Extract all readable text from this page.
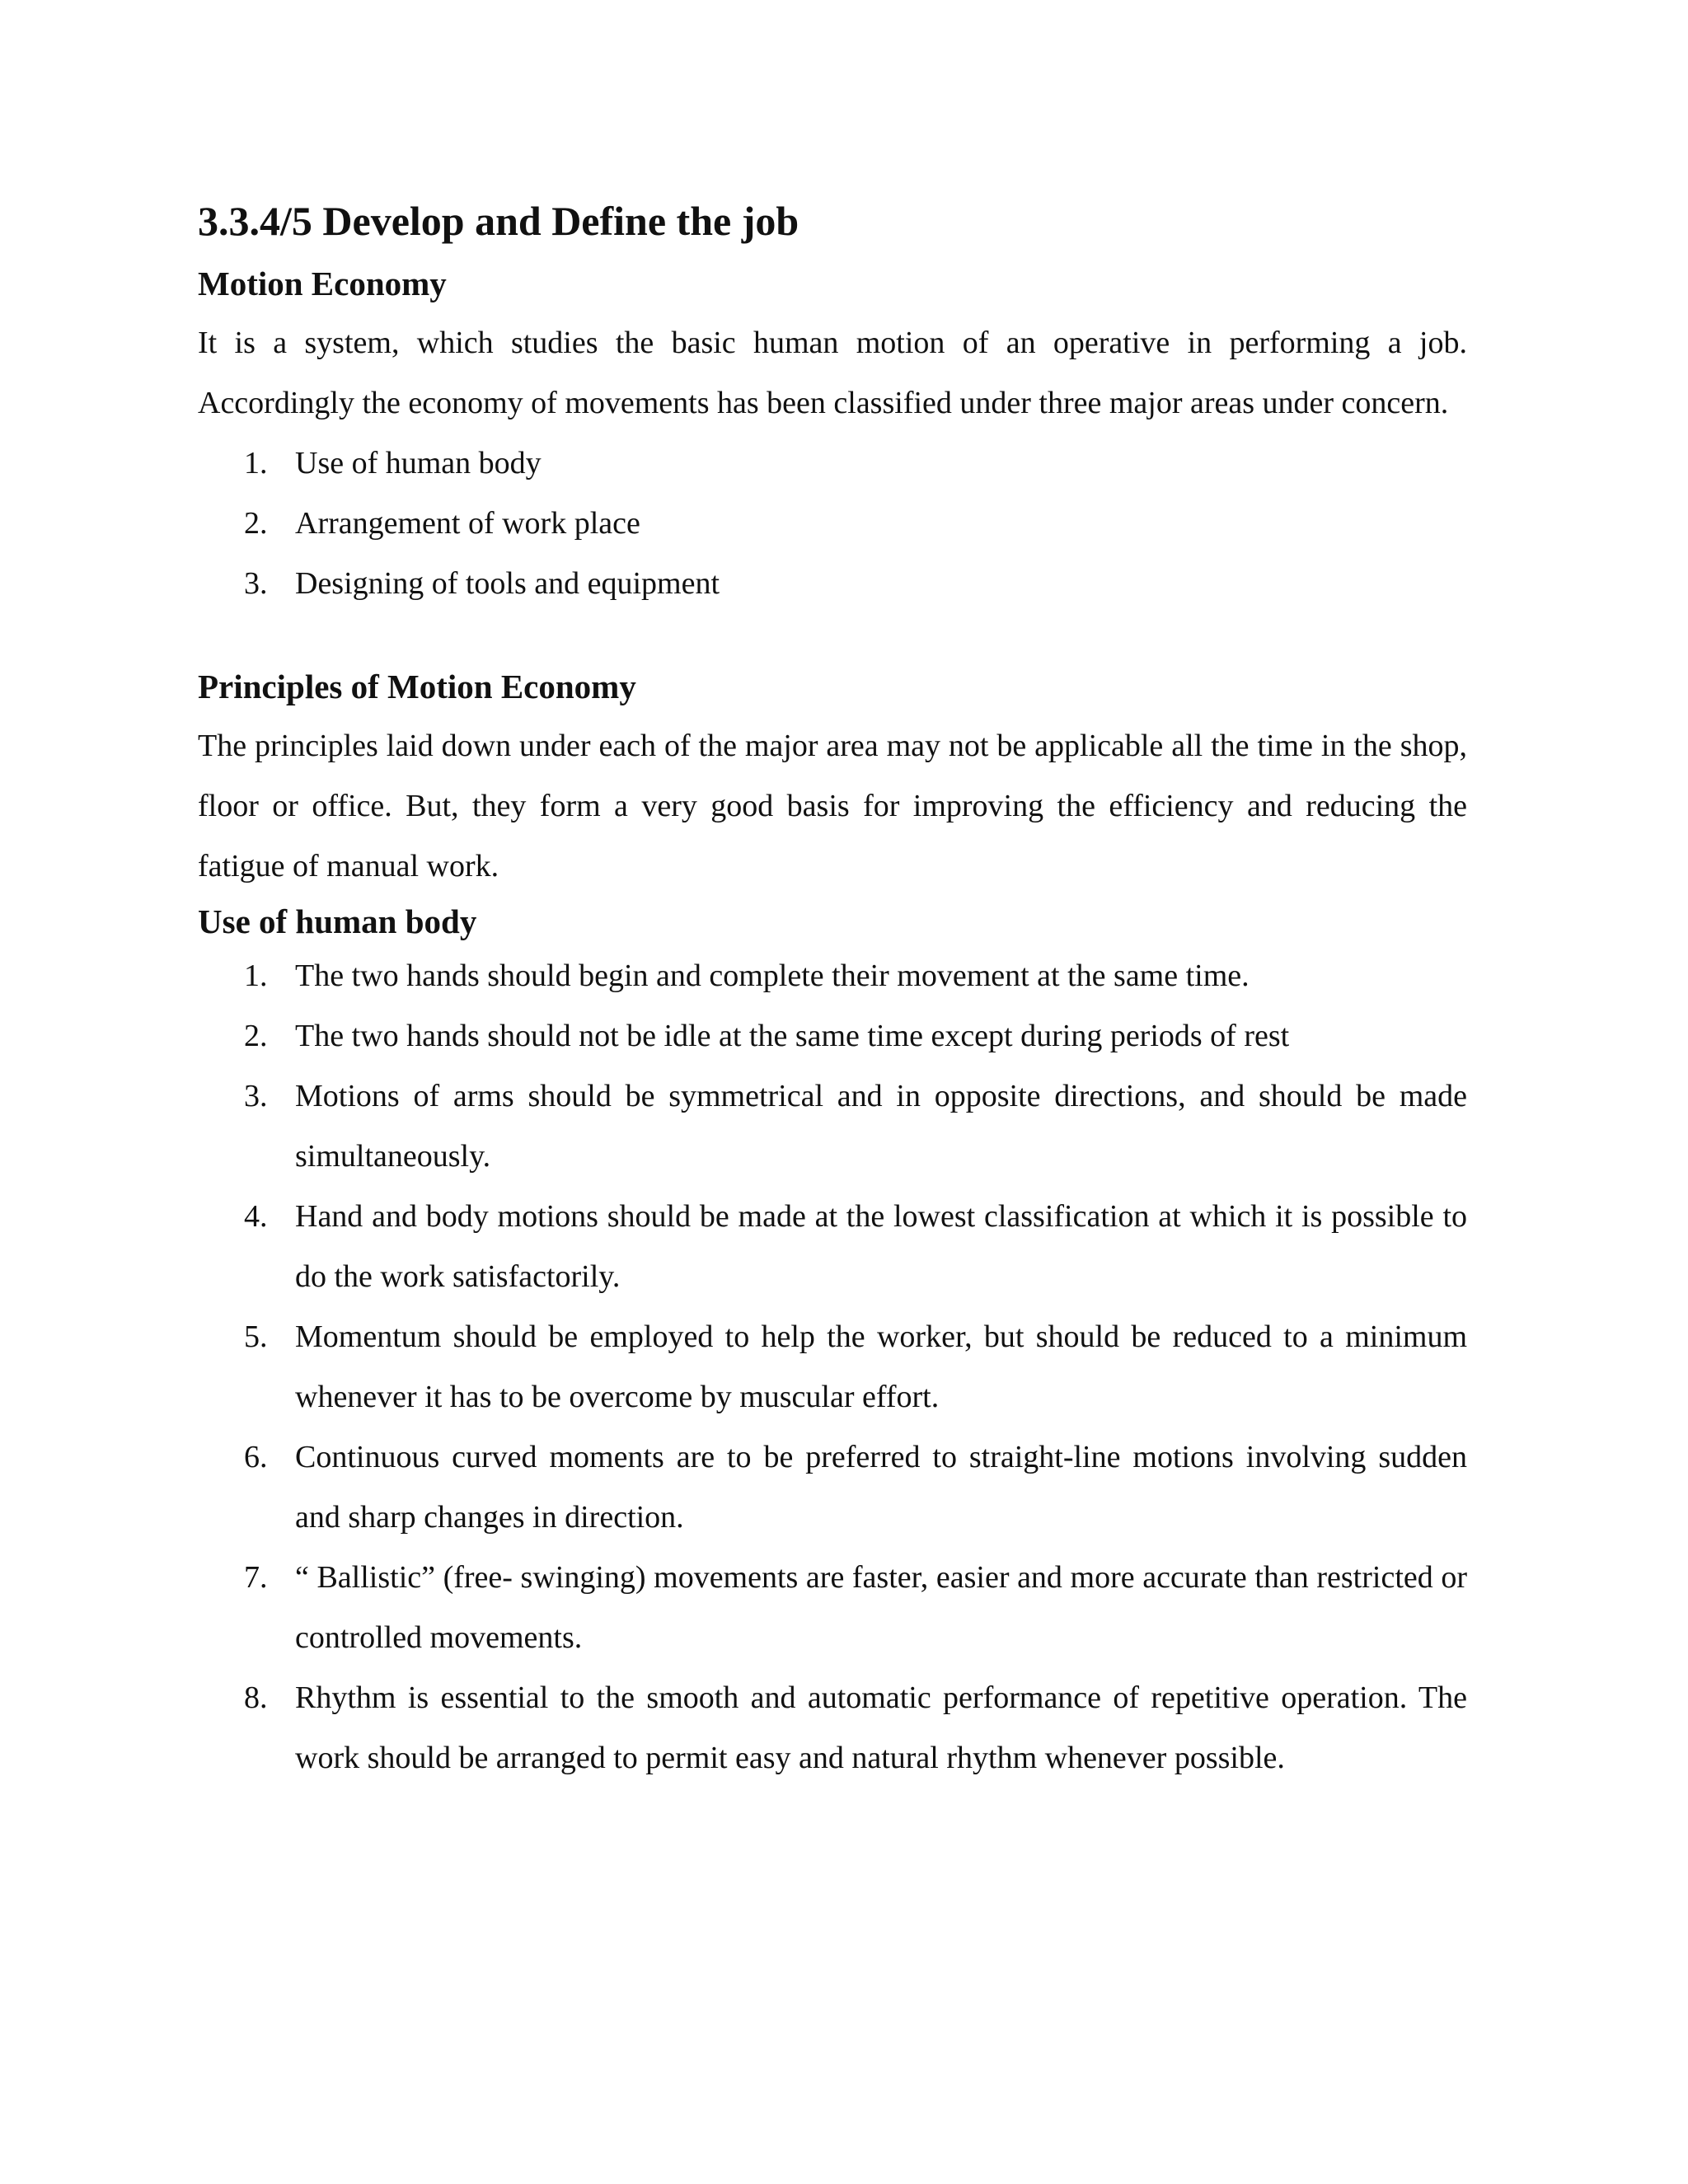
3.3.4/5 Develop and Define the job
Motion Economy

It is a system, which studies the basic human motion of an operative in performing a job. Accordingly the economy of movements has been classified under three major areas under concern.

1. Use of human body
2. Arrangement of work place
3. Designing of tools and equipment
Principles of Motion Economy

The principles laid down under each of the major area may not be applicable all the time in the shop, floor or office. But, they form a very good basis for improving the efficiency and reducing the fatigue of manual work.

Use of human body
1. The two hands should begin and complete their movement at the same time.
2. The two hands should not be idle at the same time except during periods of rest
3. Motions of arms should be symmetrical and in opposite directions, and should be made simultaneously.
4. Hand and body motions should be made at the lowest classification at which it is possible to do the work satisfactorily.
5. Momentum should be employed to help the worker, but should be reduced to a minimum whenever it has to be overcome by muscular effort.
6. Continuous curved moments are to be preferred to straight-line motions involving sudden and sharp changes in direction.
7. “ Ballistic” (free- swinging) movements are faster, easier and more accurate than restricted or controlled movements.
8. Rhythm is essential to the smooth and automatic performance of repetitive operation. The work should be arranged to permit easy and natural rhythm whenever possible.
